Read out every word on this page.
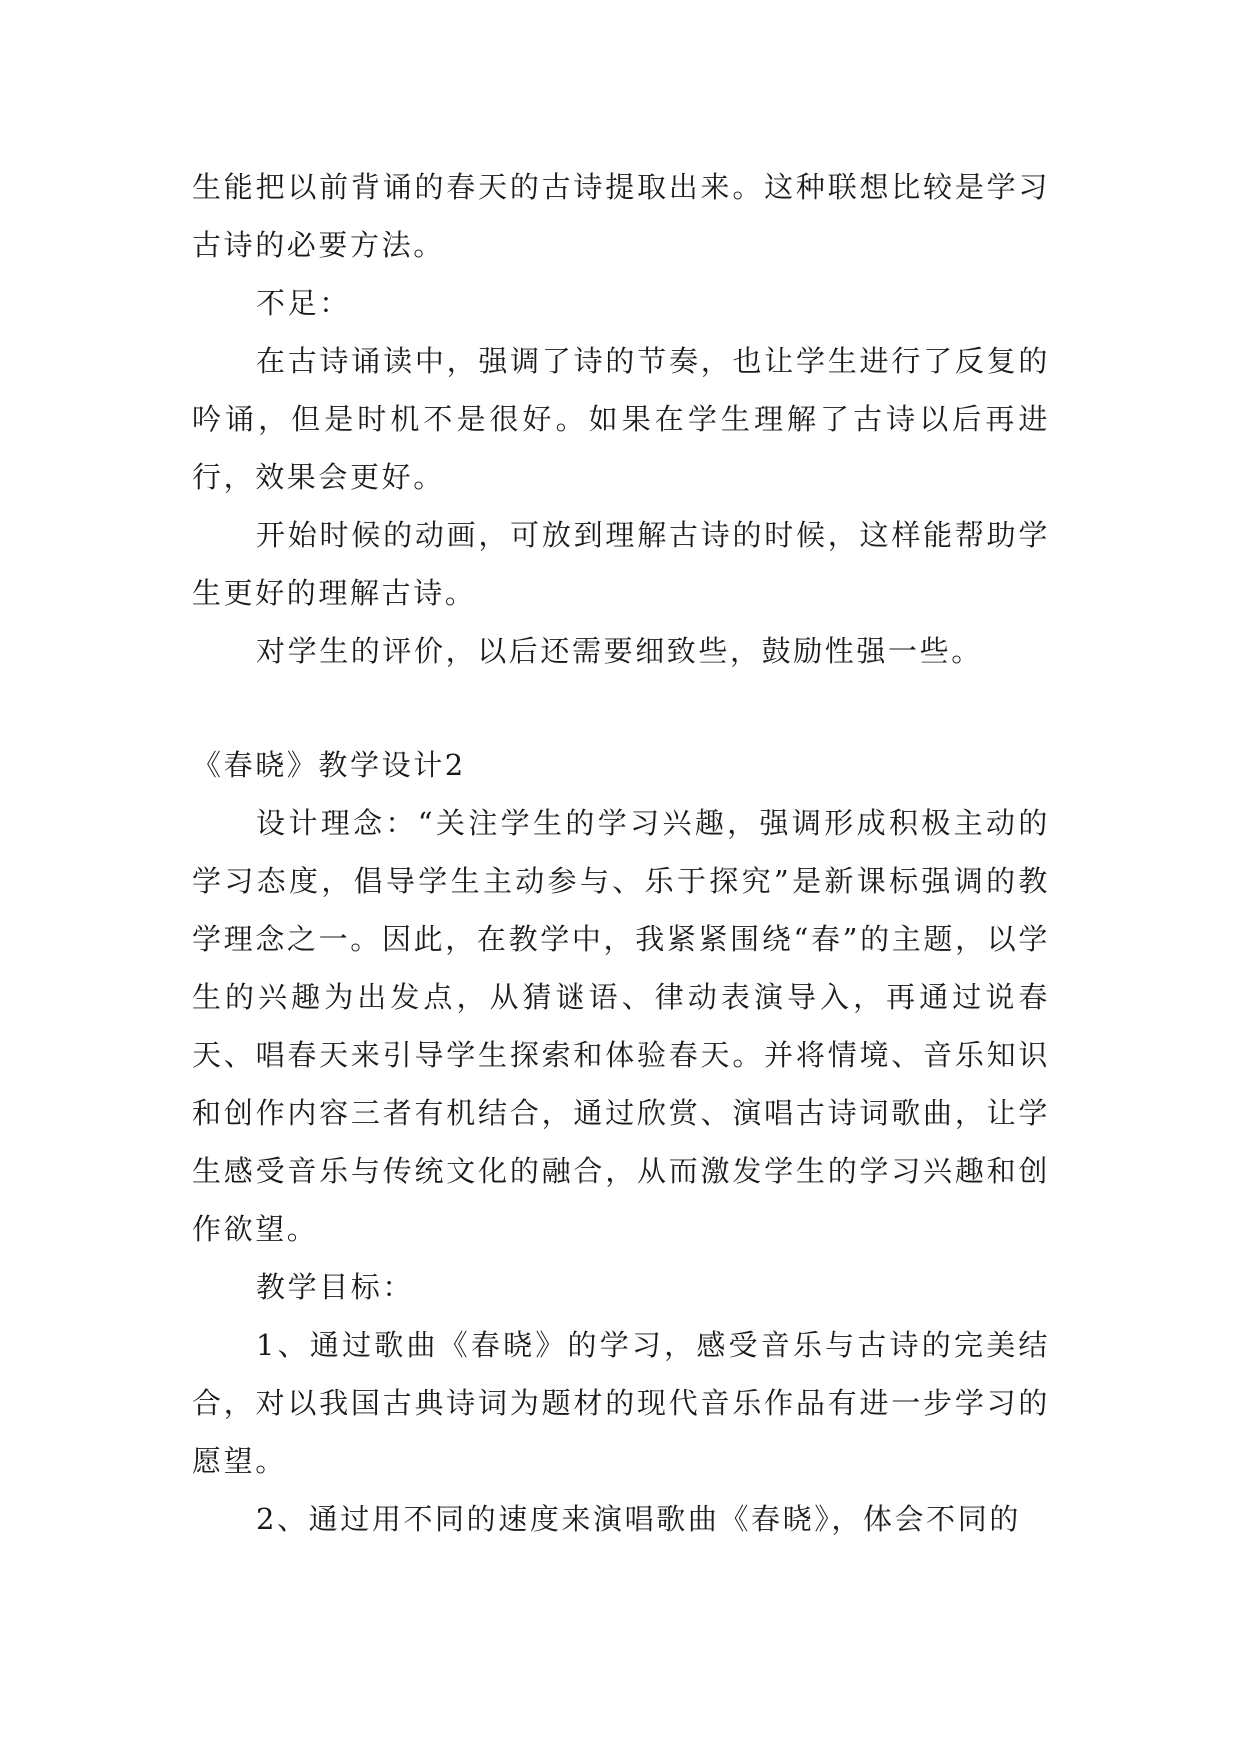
生能把以前背诵的春天的古诗提取出来。这种联想比较是学习古诗的必要方法。

不足：

在古诗诵读中，强调了诗的节奏，也让学生进行了反复的吟诵，但是时机不是很好。如果在学生理解了古诗以后再进行，效果会更好。

开始时候的动画，可放到理解古诗的时候，这样能帮助学生更好的理解古诗。

对学生的评价，以后还需要细致些，鼓励性强一些。

《春晓》教学设计2

设计理念：“关注学生的学习兴趣，强调形成积极主动的学习态度，倡导学生主动参与、乐于探究”是新课标强调的教学理念之一。因此，在教学中，我紧紧围绕“春”的主题，以学生的兴趣为出发点，从猜谜语、律动表演导入，再通过说春天、唱春天来引导学生探索和体验春天。并将情境、音乐知识和创作内容三者有机结合，通过欣赏、演唱古诗词歌曲，让学生感受音乐与传统文化的融合，从而激发学生的学习兴趣和创作欲望。

教学目标：

1、通过歌曲《春晓》的学习，感受音乐与古诗的完美结合，对以我国古典诗词为题材的现代音乐作品有进一步学习的愿望。

2、通过用不同的速度来演唱歌曲《春晓》，体会不同的
